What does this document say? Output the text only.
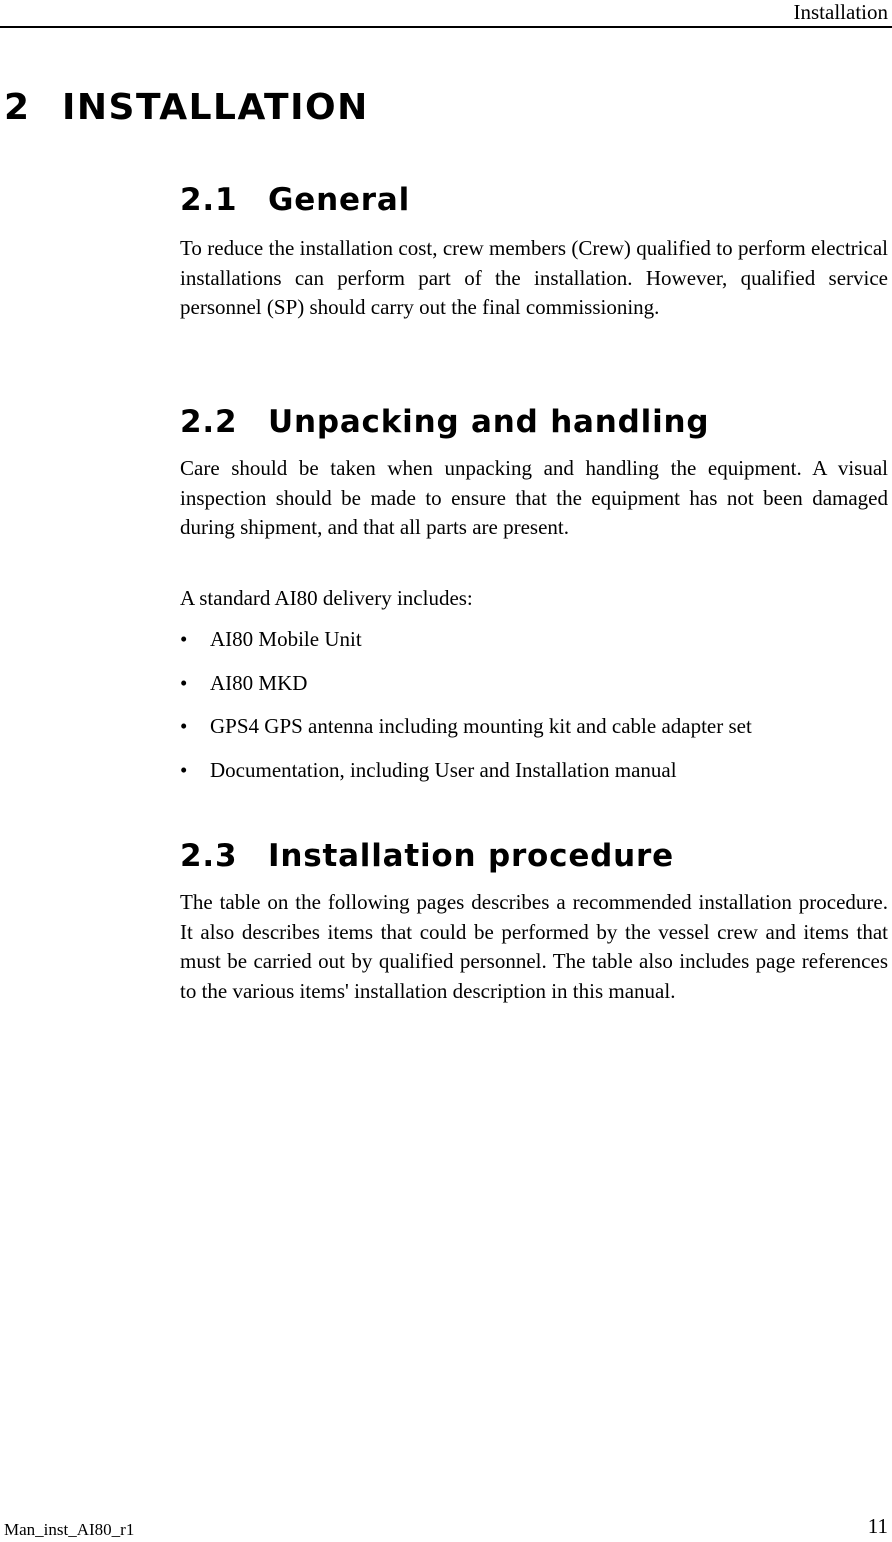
Installation
2 INSTALLATION
2.1 General

To reduce the installation cost, crew members (Crew) qualified to perform electrical installations can perform part of the installation. However, qualified service personnel (SP) should carry out the final commissioning.

2.2 Unpacking and handling

Care should be taken when unpacking and handling the equipment. A visual inspection should be made to ensure that the equipment has not been damaged during shipment, and that all parts are present.

A standard AI80 delivery includes:

• AI80 Mobile Unit
• AI80 MKD
• GPS4 GPS antenna including mounting kit and cable adapter set
• Documentation, including User and Installation manual
2.3 Installation procedure

The table on the following pages describes a recommended installation procedure. It also describes items that could be performed by the vessel crew and items that must be carried out by qualified personnel. The table also includes page references to the various items' installation description in this manual.

Man_inst_AI80_r1	11
